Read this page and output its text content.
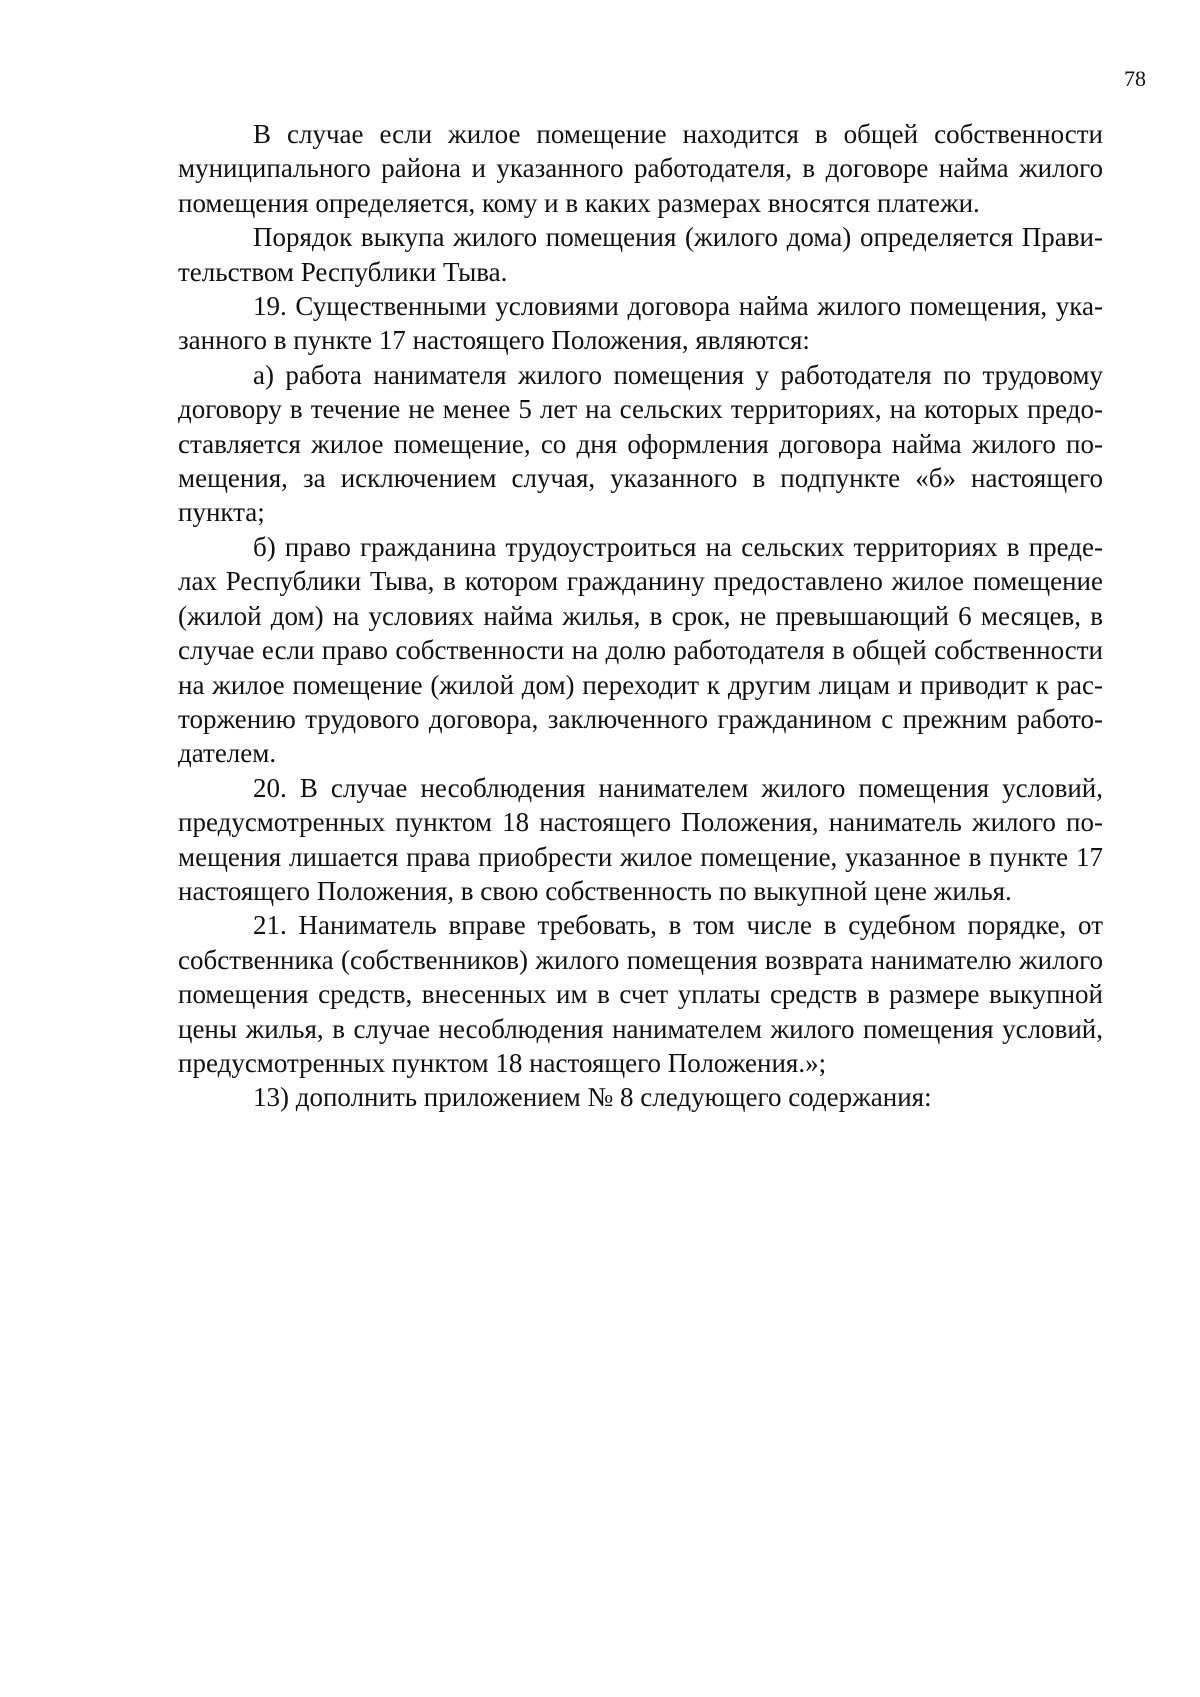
78

В случае если жилое помещение находится в общей собственности муниципального района и указанного работодателя, в договоре найма жилого помещения определяется, кому и в каких размерах вносятся платежи.

Порядок выкупа жилого помещения (жилого дома) определяется Правительством Республики Тыва.

19. Существенными условиями договора найма жилого помещения, указанного в пункте 17 настоящего Положения, являются:

а) работа нанимателя жилого помещения у работодателя по трудовому договору в течение не менее 5 лет на сельских территориях, на которых предоставляется жилое помещение, со дня оформления договора найма жилого помещения, за исключением случая, указанного в подпункте «б» настоящего пункта;

б) право гражданина трудоустроиться на сельских территориях в пределах Республики Тыва, в котором гражданину предоставлено жилое помещение (жилой дом) на условиях найма жилья, в срок, не превышающий 6 месяцев, в случае если право собственности на долю работодателя в общей собственности на жилое помещение (жилой дом) переходит к другим лицам и приводит к расторжению трудового договора, заключенного гражданином с прежним работодателем.

20. В случае несоблюдения нанимателем жилого помещения условий, предусмотренных пунктом 18 настоящего Положения, наниматель жилого помещения лишается права приобрести жилое помещение, указанное в пункте 17 настоящего Положения, в свою собственность по выкупной цене жилья.

21. Наниматель вправе требовать, в том числе в судебном порядке, от собственника (собственников) жилого помещения возврата нанимателю жилого помещения средств, внесенных им в счет уплаты средств в размере выкупной цены жилья, в случае несоблюдения нанимателем жилого помещения условий, предусмотренных пунктом 18 настоящего Положения.»;

13) дополнить приложением № 8 следующего содержания:
